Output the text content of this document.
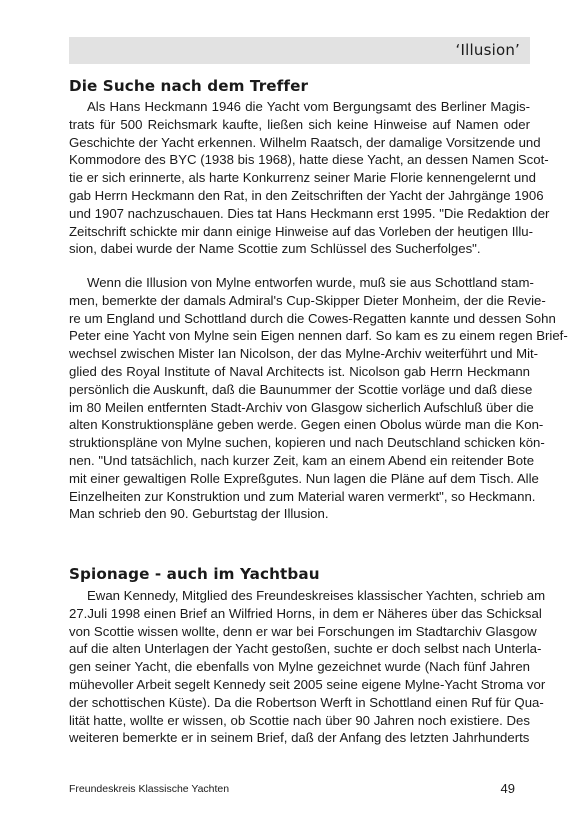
‘Illusion’
Die Suche nach dem Treffer
Als Hans Heckmann 1946 die Yacht vom Bergungsamt des Berliner Magis-
trats für 500 Reichsmark kaufte, ließen sich keine Hinweise auf Namen oder
Geschichte der Yacht erkennen. Wilhelm Raatsch, der damalige Vorsitzende und
Kommodore des BYC (1938 bis 1968), hatte diese Yacht, an dessen Namen Scot-
tie er sich erinnerte, als harte Konkurrenz seiner Marie Florie kennengelernt und
gab Herrn Heckmann den Rat, in den Zeitschriften der Yacht der Jahrgänge 1906
und 1907 nachzuschauen. Dies tat Hans Heckmann erst 1995. "Die Redaktion der
Zeitschrift schickte mir dann einige Hinweise auf das Vorleben der heutigen Illu-
sion, dabei wurde der Name Scottie zum Schlüssel des Sucherfolges".
Wenn die Illusion von Mylne entworfen wurde, muß sie aus Schottland stam-
men, bemerkte der damals Admiral's Cup-Skipper Dieter Monheim, der die Revie-
re um England und Schottland durch die Cowes-Regatten kannte und dessen Sohn
Peter eine Yacht von Mylne sein Eigen nennen darf. So kam es zu einem regen Brief-
wechsel zwischen Mister Ian Nicolson, der das Mylne-Archiv weiterführt und Mit-
glied des Royal Institute of Naval Architects ist. Nicolson gab Herrn Heckmann
persönlich die Auskunft, daß die Baunummer der Scottie vorläge und daß diese
im 80 Meilen entfernten Stadt-Archiv von Glasgow sicherlich Aufschluß über die
alten Konstruktionspläne geben werde. Gegen einen Obolus würde man die Kon-
struktionspläne von Mylne suchen, kopieren und nach Deutschland schicken kön-
nen. "Und tatsächlich, nach kurzer Zeit, kam an einem Abend ein reitender Bote
mit einer gewaltigen Rolle Expreßgutes. Nun lagen die Pläne auf dem Tisch. Alle
Einzelheiten zur Konstruktion und zum Material waren vermerkt", so Heckmann.
Man schrieb den 90. Geburtstag der Illusion.
Spionage - auch im Yachtbau
Ewan Kennedy, Mitglied des Freundeskreises klassischer Yachten, schrieb am
27.Juli 1998 einen Brief an Wilfried Horns, in dem er Näheres über das Schicksal
von Scottie wissen wollte, denn er war bei Forschungen im Stadtarchiv Glasgow
auf die alten Unterlagen der Yacht gestoßen, suchte er doch selbst nach Unterla-
gen seiner Yacht, die ebenfalls von Mylne gezeichnet wurde (Nach fünf Jahren
mühevoller Arbeit segelt Kennedy seit 2005 seine eigene Mylne-Yacht Stroma vor
der schottischen Küste). Da die Robertson Werft in Schottland einen Ruf für Qua-
lität hatte, wollte er wissen, ob Scottie nach über 90 Jahren noch existiere. Des
weiteren bemerkte er in seinem Brief, daß der Anfang des letzten Jahrhunderts
Freundeskreis Klassische Yachten	49
